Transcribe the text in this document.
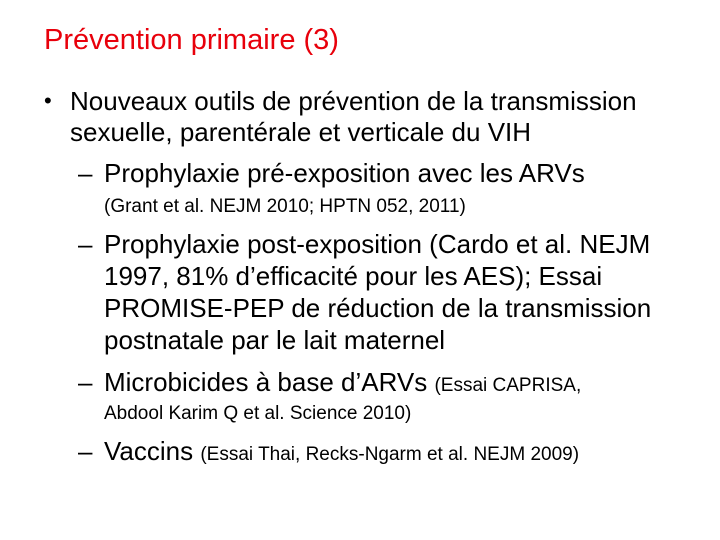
Prévention primaire (3)
• Nouveaux outils de prévention de la transmission
sexuelle, parentérale et verticale du VIH
– Prophylaxie pré-exposition avec les ARVs
(Grant et al. NEJM 2010; HPTN 052, 2011)
– Prophylaxie post-exposition (Cardo et al. NEJM
1997, 81% d’efficacité pour les AES); Essai
PROMISE-PEP de réduction de la transmission
postnatale par le lait maternel
– Microbicides à base d’ARVs (Essai CAPRISA,
Abdool Karim Q et al. Science 2010)
– Vaccins (Essai Thai, Recks-Ngarm et al. NEJM 2009)
